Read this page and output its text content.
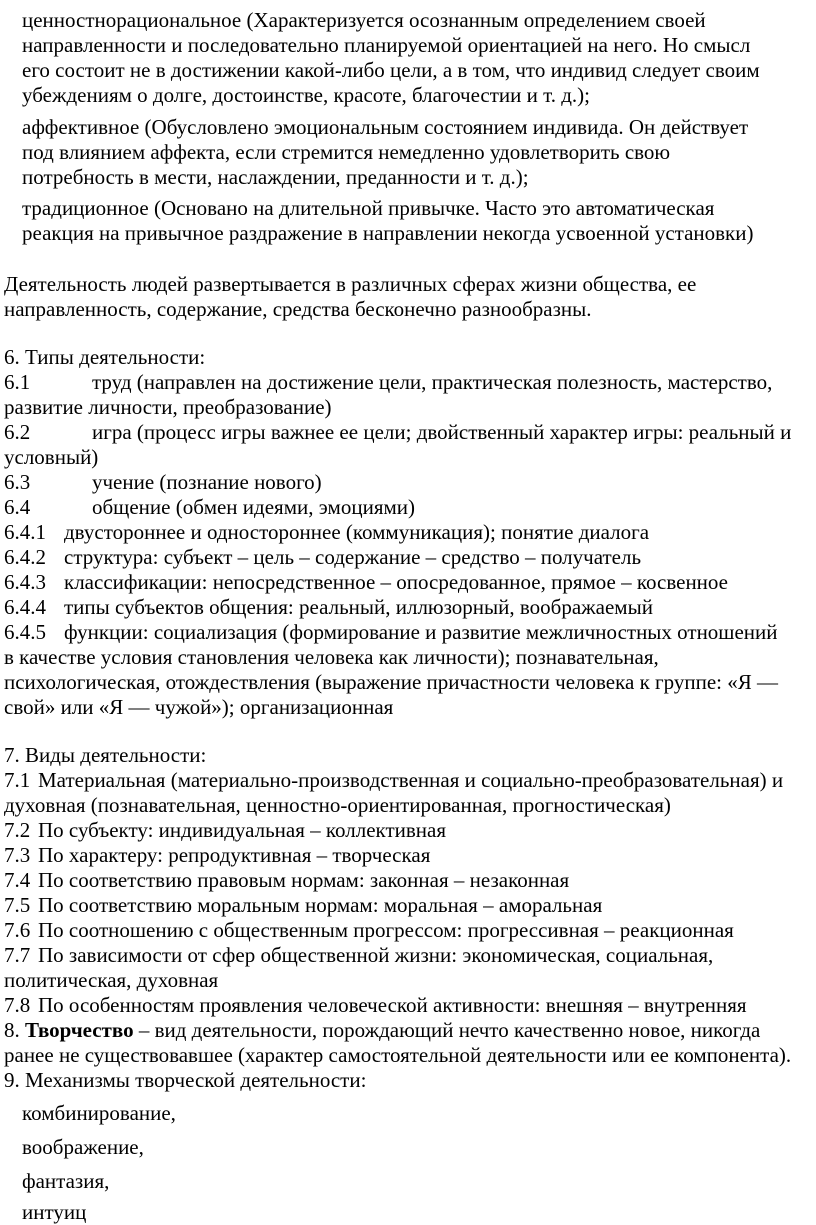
ценностнорациональное (Характеризуется осознанным определением своей
направленности и последовательно планируемой ориентацией на него. Но смысл
его состоит не в достижении какой-либо цели, а в том, что индивид следует своим
убеждениям о долге, достоинстве, красоте, благочестии и т. д.);

аффективное (Обусловлено эмоциональным состоянием индивида. Он действует
под влиянием аффекта, если стремится немедленно удовлетворить свою
потребность в мести, наслаждении, преданности и т. д.);

традиционное (Основано на длительной привычке. Часто это автоматическая
реакция на привычное раздражение в направлении некогда усвоенной установки)

Деятельность людей развертывается в различных сферах жизни общества, ее
направленность, содержание, средства бесконечно разнообразны.
6. Типы деятельности:
6.1	труд (направлен на достижение цели, практическая полезность, мастерство,
развитие личности, преобразование)
6.2	игра (процесс игры важнее ее цели; двойственный характер игры: реальный и
условный)
6.3	учение (познание нового)
6.4	общение (обмен идеями, эмоциями)
6.4.1 двустороннее и одностороннее (коммуникация); понятие диалога
6.4.2 структура: субъект – цель – содержание – средство – получатель
6.4.3 классификации: непосредственное – опосредованное, прямое – косвенное
6.4.4 типы субъектов общения: реальный, иллюзорный, воображаемый
6.4.5 функции: социализация (формирование и развитие межличностных отношений
в качестве условия становления человека как личности); познавательная,
психологическая, отождествления (выражение причастности человека к группе: «Я —
свой» или «Я — чужой»); организационная
7. Виды деятельности:
7.1 Материальная (материально-производственная и социально-преобразовательная) и
духовная (познавательная, ценностно-ориентированная, прогностическая)
7.2 По субъекту: индивидуальная – коллективная
7.3 По характеру: репродуктивная – творческая
7.4 По соответствию правовым нормам: законная – незаконная
7.5 По соответствию моральным нормам: моральная – аморальная
7.6 По соотношению с общественным прогрессом: прогрессивная – реакционная
7.7 По зависимости от сфер общественной жизни: экономическая, социальная,
политическая, духовная
7.8 По особенностям проявления человеческой активности: внешняя – внутренняя
8. Творчество – вид деятельности, порождающий нечто качественно новое, никогда
ранее не существовавшее (характер самостоятельной деятельности или ее компонента).
9. Механизмы творческой деятельности:
комбинирование,
воображение,
фантазия,
интуиц
